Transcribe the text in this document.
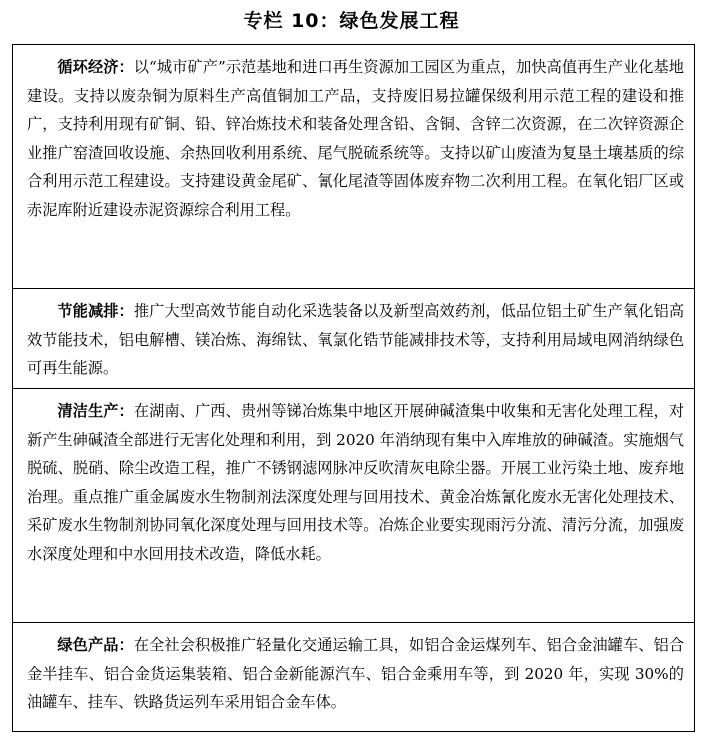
专栏 10：绿色发展工程
循环经济：以“城市矿产”示范基地和进口再生资源加工园区为重点，加快高值再生产业化基地建设。支持以废杂铜为原料生产高值铜加工产品，支持废旧易拉罐保级利用示范工程的建设和推广，支持利用现有矿铜、铅、锌冶炼技术和装备处理含铅、含铜、含锌二次资源，在二次锌资源企业推广窑渣回收设施、余热回收利用系统、尾气脱硫系统等。支持以矿山废渣为复垦土壤基质的综合利用示范工程建设。支持建设黄金尾矿、氰化尾渣等固体废弃物二次利用工程。在氧化铝厂区或赤泥库附近建设赤泥资源综合利用工程。
节能减排：推广大型高效节能自动化采选装备以及新型高效药剂，低品位铝土矿生产氧化铝高效节能技术，铝电解槽、镁冶炼、海绵钛、氧氯化锆节能减排技术等，支持利用局域电网消纳绿色可再生能源。
清洁生产：在湖南、广西、贵州等锑冶炼集中地区开展砷碱渣集中收集和无害化处理工程，对新产生砷碱渣全部进行无害化处理和利用，到 2020 年消纳现有集中入库堆放的砷碱渣。实施烟气脱硫、脱硝、除尘改造工程，推广不锈钢滤网脉冲反吹清灰电除尘器。开展工业污染土地、废弃地治理。重点推广重金属废水生物制剂法深度处理与回用技术、黄金冶炼氰化废水无害化处理技术、采矿废水生物制剂协同氧化深度处理与回用技术等。冶炼企业要实现雨污分流、清污分流，加强废水深度处理和中水回用技术改造，降低水耗。
绿色产品：在全社会积极推广轻量化交通运输工具，如铝合金运煤列车、铝合金油罐车、铝合金半挂车、铝合金货运集装箱、铝合金新能源汽车、铝合金乘用车等，到 2020 年，实现 30%的油罐车、挂车、铁路货运列车采用铝合金车体。
